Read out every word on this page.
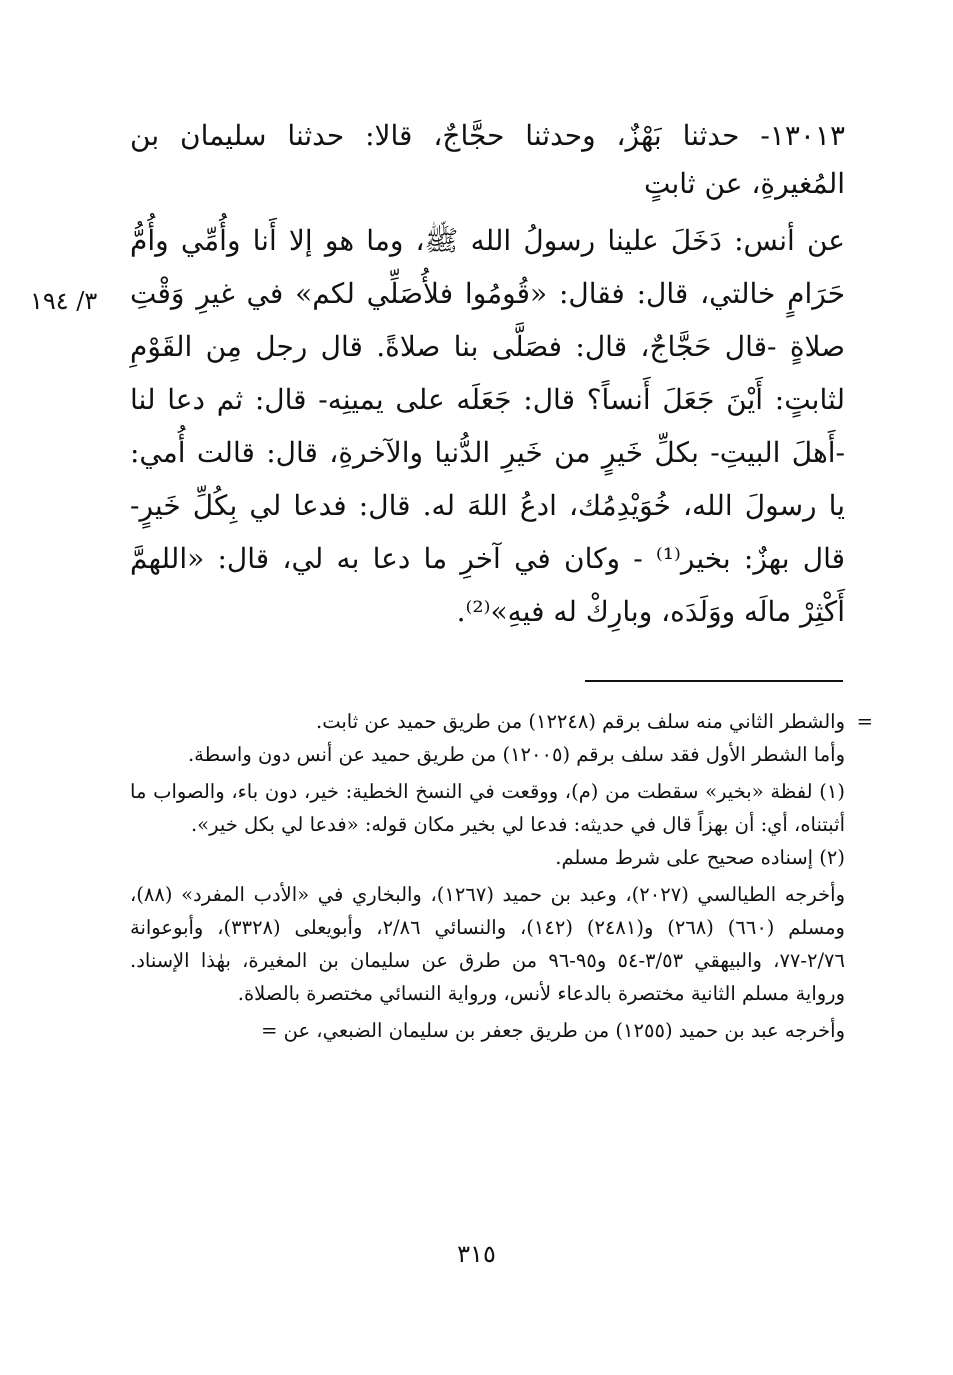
١٣٠١٣- حدثنا بَهْزٌ، وحدثنا حجَّاجٌ، قالا: حدثنا سليمان بن المُغيرةِ، عن ثابتٍ

عن أنس: دَخَلَ علينا رسولُ الله ﷺ، وما هو إلا أَنا وأُمِّي وأُمُّ حَرَامٍ خالتي، قال: فقال: «قُومُوا فلأُصَلِّي لكم» في غيرِ وَقْتِ صلاةٍ -قال حَجَّاجٌ، قال: فصَلَّى بنا صلاةً. قال رجل مِن القَوْمِ لثابتٍ: أَيْنَ جَعَلَ أَنساً؟ قال: جَعَلَه على يمينِه- قال: ثم دعا لنا -أَهلَ البيتِ- بكلِّ خَيرٍ من خَيرِ الدُّنيا والآخرةِ، قال: قالت أُمي: يا رسولَ الله، خُوَيْدِمُك، ادعُ اللهَ له. قال: فدعا لي بِكُلِّ خَيرٍ- قال بهزٌ: بخير⁽¹⁾ - وكان في آخرِ ما دعا به لي، قال: «اللهمَّ أَكْثِرْ مالَه ووَلَدَه، وبارِكْ له فيهِ»⁽²⁾.

٣/ ١٩٤

=
والشطر الثاني منه سلف برقم (١٢٢٤٨) من طريق حميد عن ثابت.

وأما الشطر الأول فقد سلف برقم (١٢٠٠٥) من طريق حميد عن أنس دون واسطة.

(١) لفظة «بخير» سقطت من (م)، ووقعت في النسخ الخطية: خير، دون باء، والصواب ما أثبتناه، أي: أن بهزاً قال في حديثه: فدعا لي بخير مكان قوله: «فدعا لي بكل خير».

(٢) إسناده صحيح على شرط مسلم.

وأخرجه الطيالسي (٢٠٢٧)، وعبد بن حميد (١٢٦٧)، والبخاري في «الأدب المفرد» (٨٨)، ومسلم (٦٦٠) (٢٦٨) و(٢٤٨١) (١٤٢)، والنسائي ٢/٨٦، وأبويعلى (٣٣٢٨)، وأبوعوانة ٢/٧٦-٧٧، والبيهقي ٣/٥٣-٥٤ و٩٥-٩٦ من طرق عن سليمان بن المغيرة، بهٰذا الإسناد. ورواية مسلم الثانية مختصرة بالدعاء لأنس، ورواية النسائي مختصرة بالصلاة.

وأخرجه عبد بن حميد (١٢٥٥) من طريق جعفر بن سليمان الضبعي، عن =

٣١٥
